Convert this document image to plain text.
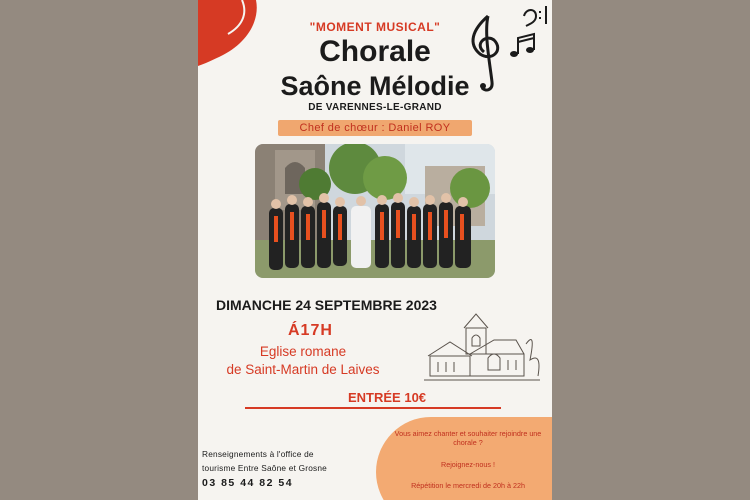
"MOMENT MUSICAL"
Chorale
Saône Mélodie
DE VARENNES-LE-GRAND
Chef de chœur : Daniel ROY
DIMANCHE 24 SEPTEMBRE 2023
Á17H
Eglise romane
de Saint-Martin de Laives
ENTRÉE 10€
Vous aimez chanter et souhaiter rejoindre une chorale ?
Rejoignez-nous !
Répétition le mercredi de 20h à 22h
Renseignements à l'office de
tourisme Entre Saône et Grosne
03 85 44 82 54
